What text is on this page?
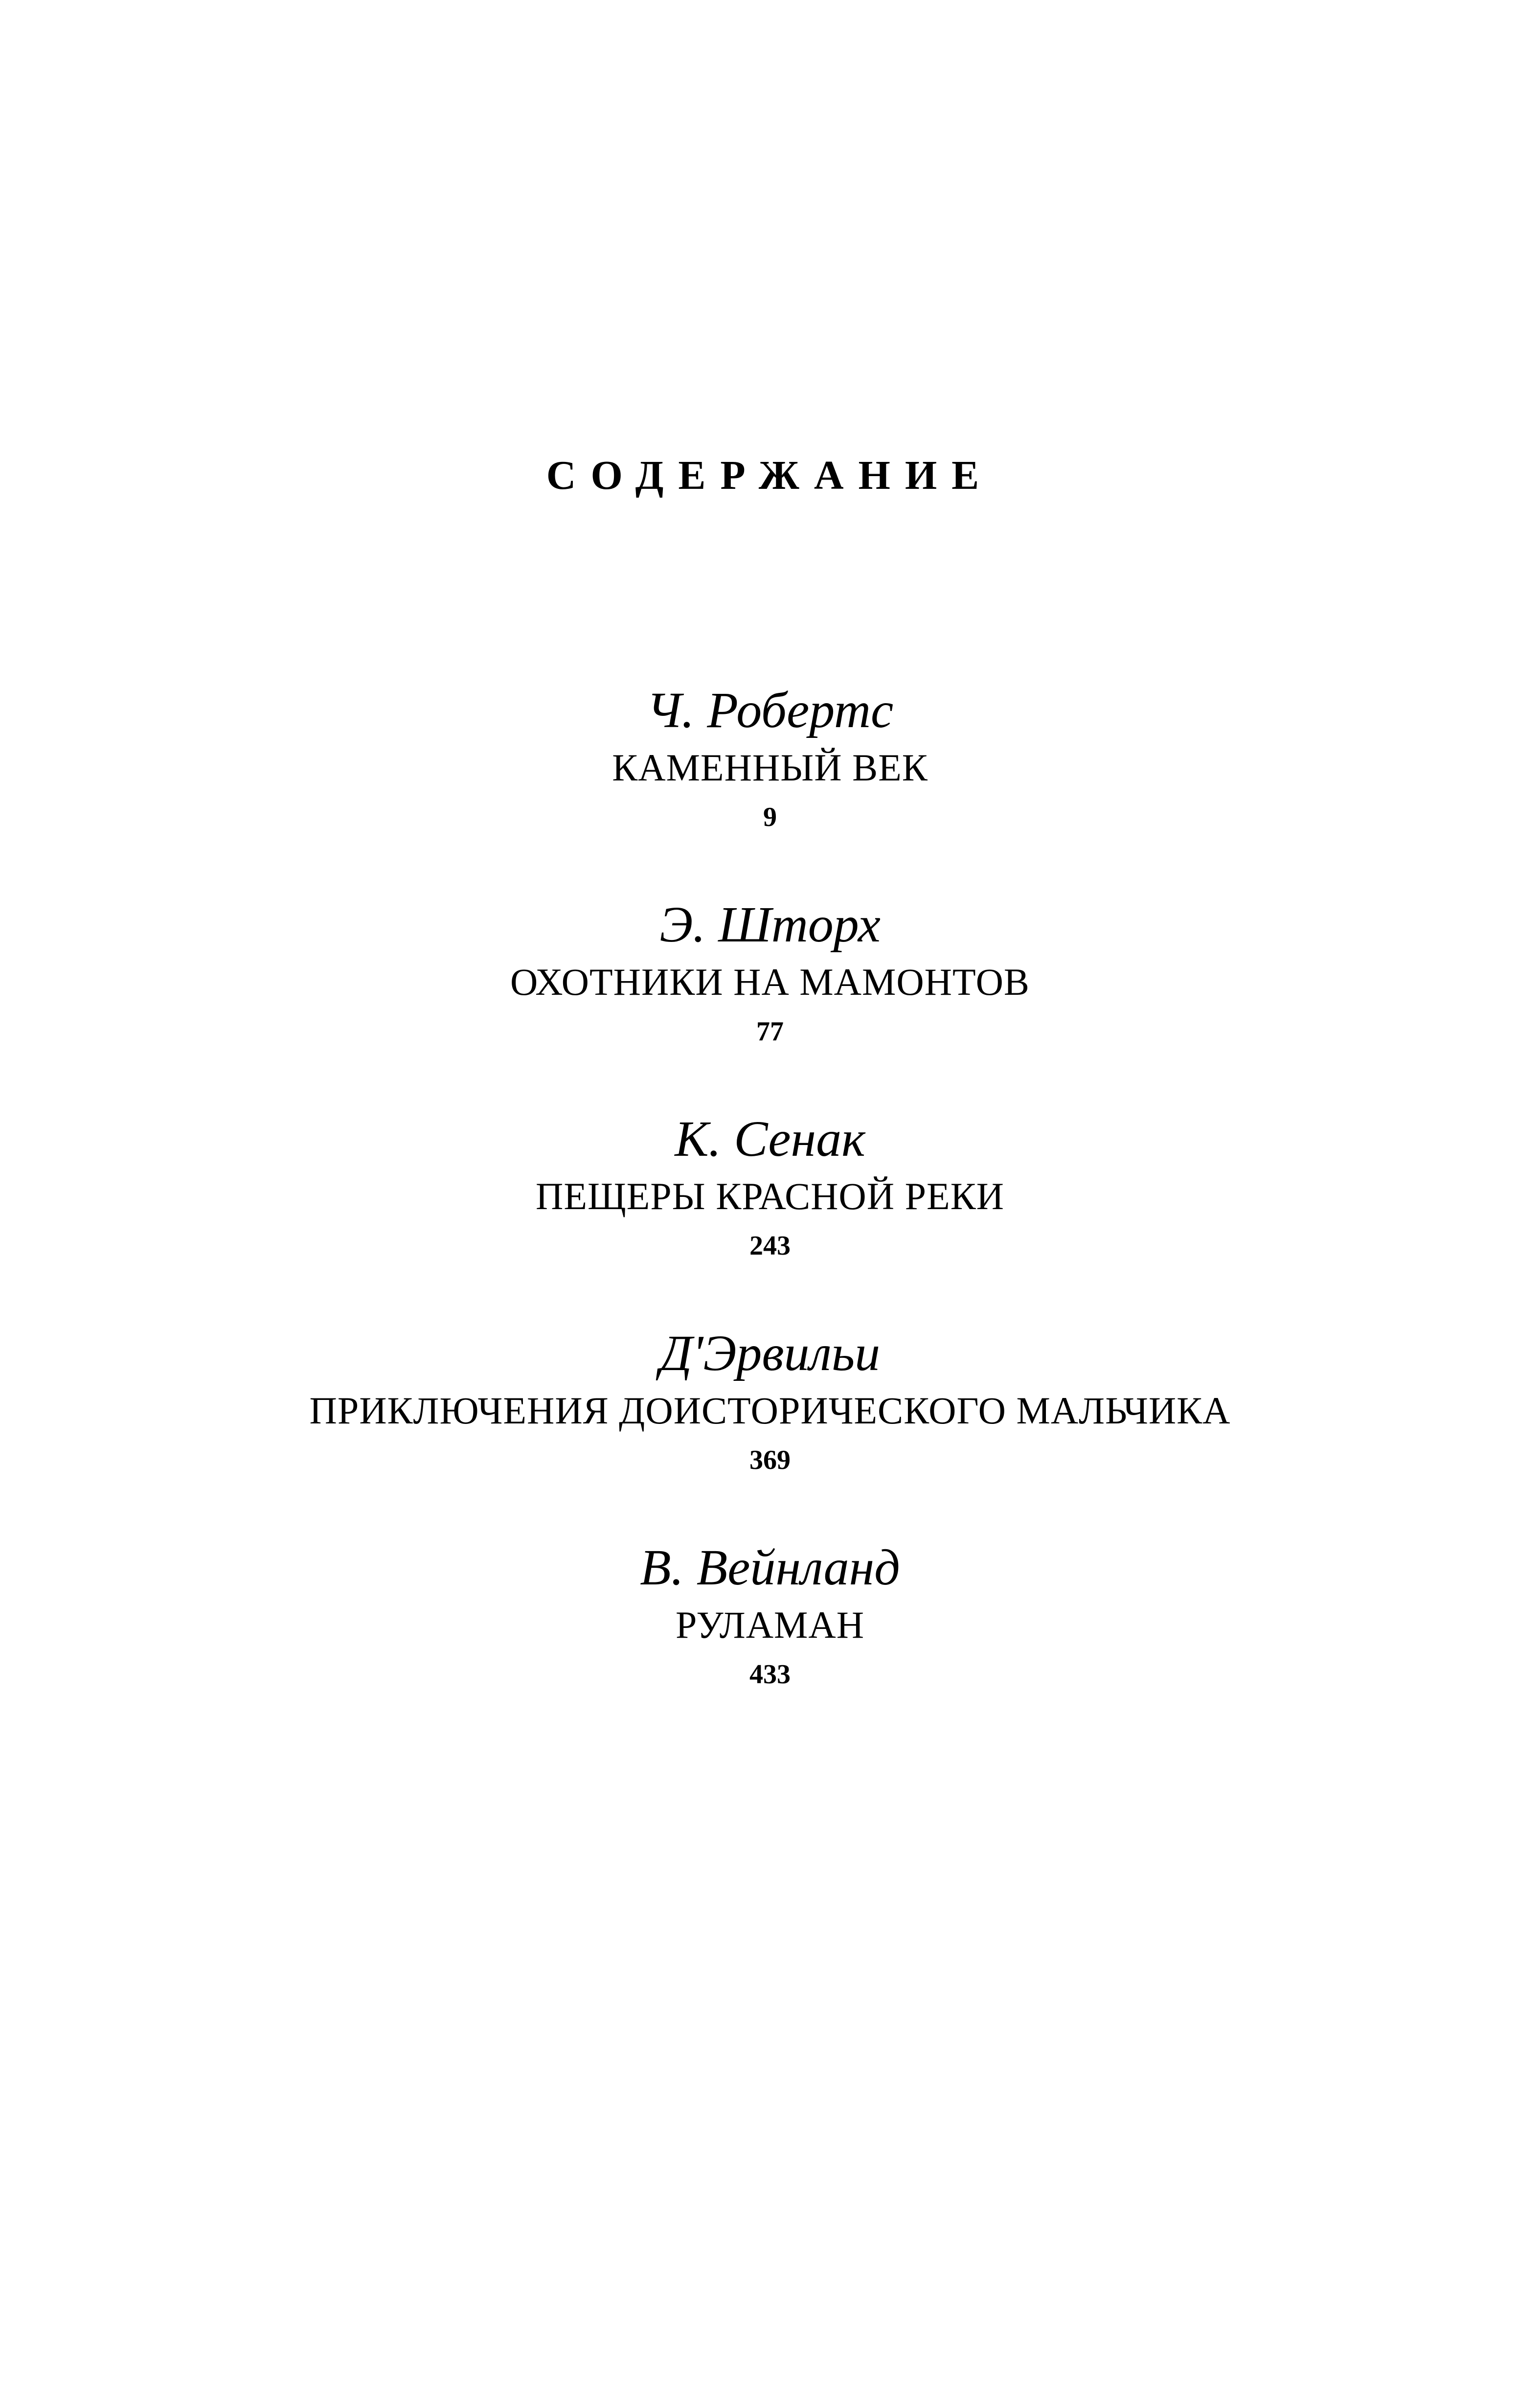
СОДЕРЖАНИЕ
Ч. Робертс
КАМЕННЫЙ ВЕК
9
Э. Шторх
ОХОТНИКИ НА МАМОНТОВ
77
К. Сенак
ПЕЩЕРЫ КРАСНОЙ РЕКИ
243
Д'Эрвильи
ПРИКЛЮЧЕНИЯ ДОИСТОРИЧЕСКОГО МАЛЬЧИКА
369
В. Вейнланд
РУЛАМАН
433
